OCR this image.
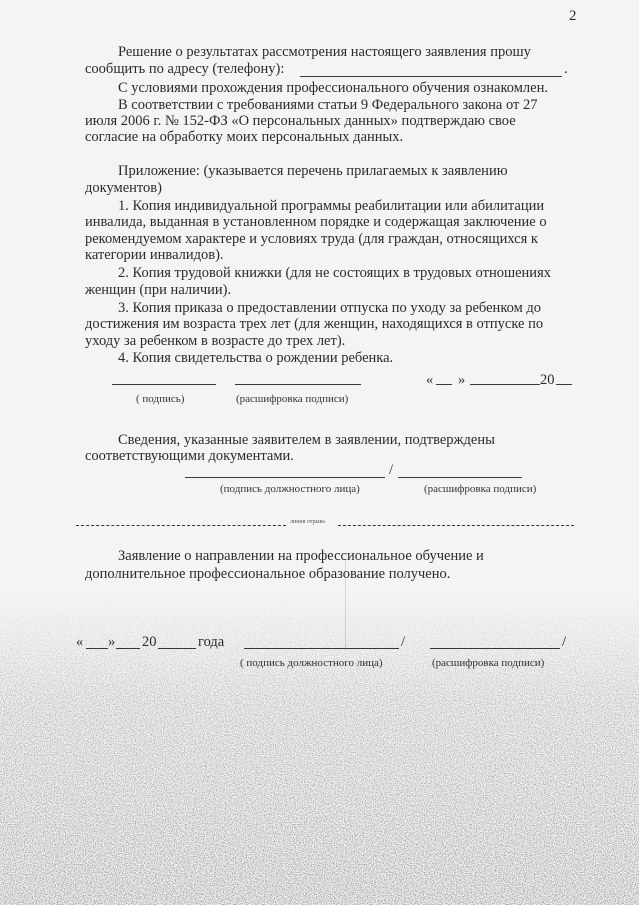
2
Решение о результатах рассмотрения настоящего заявления прошу
сообщить по адресу (телефону):	.
С условиями прохождения профессионального обучения ознакомлен.
В соответствии с требованиями статьи 9 Федерального закона от 27
июля 2006 г. № 152-ФЗ «О персональных данных» подтверждаю свое
согласие на обработку моих персональных данных.
Приложение: (указывается перечень прилагаемых к заявлению
документов)
1. Копия индивидуальной программы реабилитации или абилитации
инвалида, выданная в установленном порядке и содержащая заключение о
рекомендуемом характере и условиях труда (для граждан, относящихся к
категории инвалидов).
2. Копия трудовой книжки (для не состоящих в трудовых отношениях
женщин (при наличии).
3. Копия приказа о предоставлении отпуска по уходу за ребенком до
достижения им возраста трех лет (для женщин, находящихся в отпуске по
уходу за ребенком в возрасте до трех лет).
4. Копия свидетельства о рождении ребенка.
« »	20
( подпись)	(расшифровка подписи)
Сведения, указанные заявителем в заявлении, подтверждены
соответствующими документами.
/
(подпись должностного лица)	(расшифровка подписи)
линия отрыва
Заявление о направлении на профессиональное обучение и
дополнительное профессиональное образование получено.
« » 20	года	/	/
( подпись должностного лица)	(расшифровка подписи)
